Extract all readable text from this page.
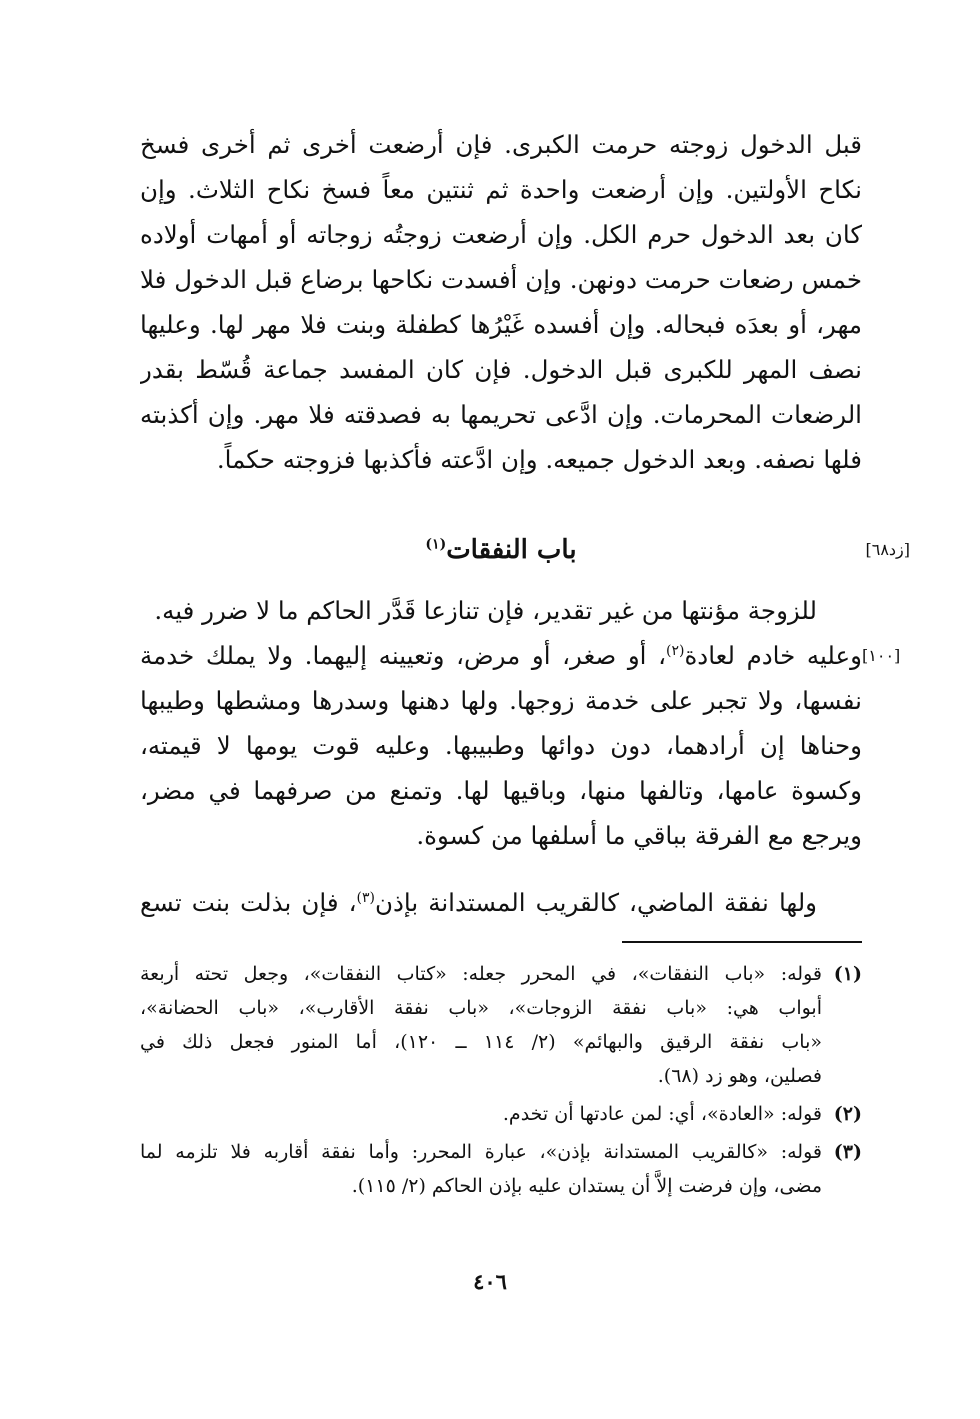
قبل الدخول زوجته حرمت الكبرى. فإن أرضعت أخرى ثم أخرى فسخ
نكاح الأولتين. وإن أرضعت واحدة ثم ثنتين معاً فسخ نكاح الثلاث. وإن
كان بعد الدخول حرم الكل. وإن أرضعت زوجتُه زوجاته أو أمهات أولاده
خمس رضعات حرمت دونهن. وإن أفسدت نكاحها برضاع قبل الدخول فلا
مهر، أو بعدَه فبحاله. وإن أفسده غَيْرُها كطفلة وبنت فلا مهر لها. وعليها
نصف المهر للكبرى قبل الدخول. فإن كان المفسد جماعة قُسّط بقدر
الرضعات المحرمات. وإن ادَّعى تحريمها به فصدقته فلا مهر. وإن أكذبته
فلها نصفه. وبعد الدخول جميعه. وإن ادَّعته فأكذبها فزوجته حكماً.
باب النفقات$^{(١)}$	[زد٦٨]
للزوجة مؤنتها من غير تقدير، فإن تنازعا قَدَّر الحاكم ما لا ضرر فيه.
[١٠٠]
وعليه خادم لعادة$^{(٢)}$، أو صغر، أو مرض، وتعيينه إليهما. ولا يملك خدمة
نفسها، ولا تجبر على خدمة زوجها. ولها دهنها وسدرها ومشطها وطيبها
وحناها إن أرادهما، دون دوائها وطبيبها. وعليه قوت يومها لا قيمته،
وكسوة عامها، وتالفها منها، وباقيها لها. وتمنع من صرفهما في مضر،
ويرجع مع الفرقة بباقي ما أسلفها من كسوة.
ولها نفقة الماضي، كالقريب المستدانة بإذن$^{(٣)}$، فإن بذلت بنت تسع
(١)
قوله: «باب النفقات»، في المحرر جعله: «كتاب النفقات»، وجعل تحته أربعة
أبواب هي: «باب نفقة الزوجات»، «باب نفقة الأقارب»، «باب الحضانة»،
«باب نفقة الرقيق والبهائم» (٢/ ١١٤ ــ ١٢٠)، أما المنور فجعل ذلك في
فصلين، وهو زد (٦٨).
(٢)
قوله: «العادة»، أي: لمن عادتها أن تخدم.
(٣)
قوله: «كالقريب المستدانة بإذن»، عبارة المحرر: وأما نفقة أقاربه فلا تلزمه لما
مضى، وإن فرضت إلاَّ أن يستدان عليه بإذن الحاكم (٢/ ١١٥).
٤٠٦
